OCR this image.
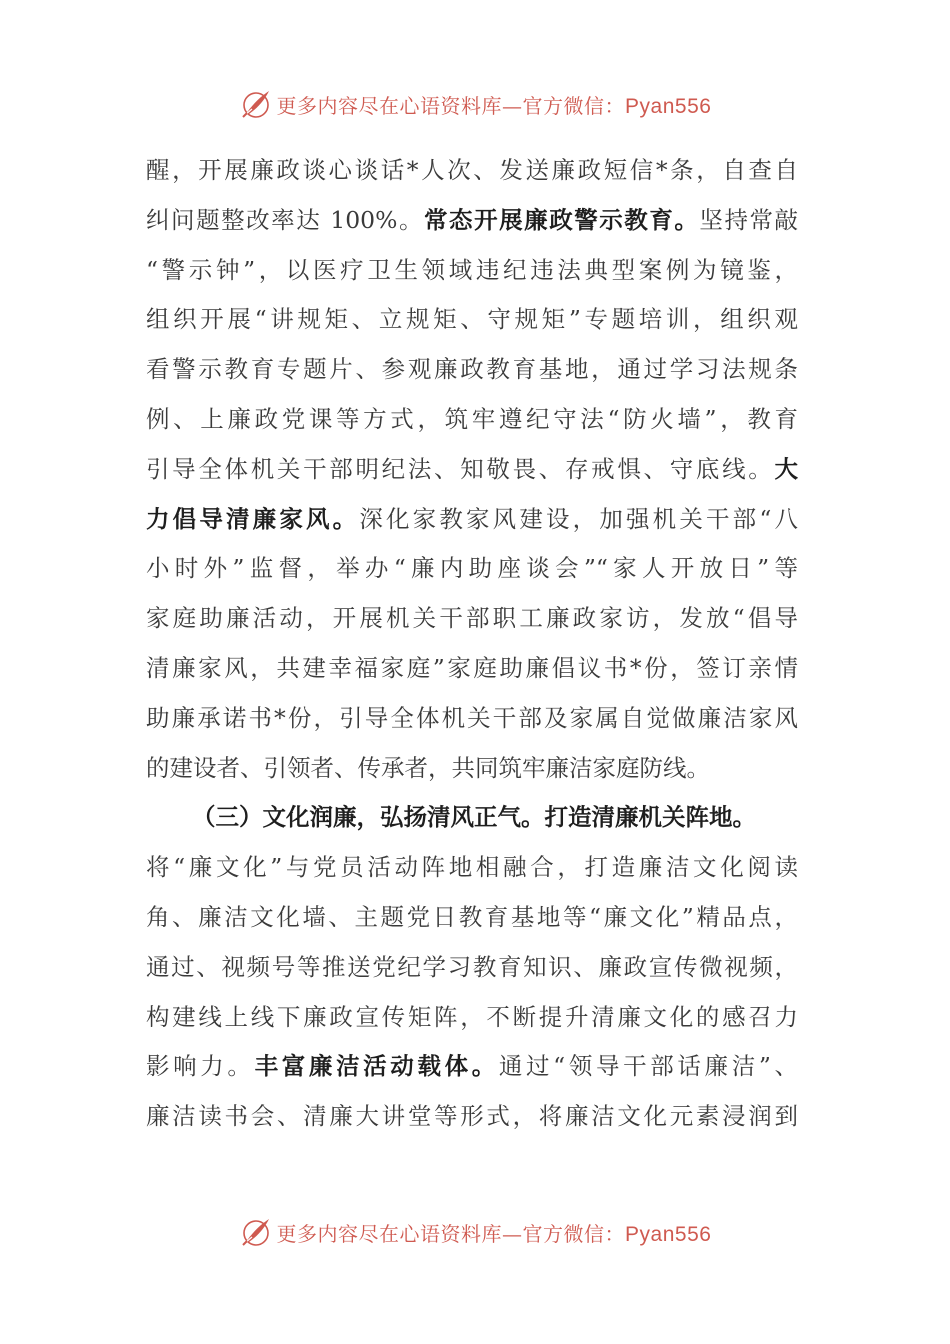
更多内容尽在心语资料库—官方微信：Pyan556
醒，开展廉政谈心谈话*人次、发送廉政短信*条，自查自
纠问题整改率达 100%。常态开展廉政警示教育。坚持常敲
“警示钟”，以医疗卫生领域违纪违法典型案例为镜鉴，
组织开展“讲规矩、立规矩、守规矩”专题培训，组织观
看警示教育专题片、参观廉政教育基地，通过学习法规条
例、上廉政党课等方式，筑牢遵纪守法“防火墙”，教育
引导全体机关干部明纪法、知敬畏、存戒惧、守底线。大
力倡导清廉家风。深化家教家风建设，加强机关干部“八
小时外”监督，举办“廉内助座谈会”“家人开放日”等
家庭助廉活动，开展机关干部职工廉政家访，发放“倡导
清廉家风，共建幸福家庭”家庭助廉倡议书*份，签订亲情
助廉承诺书*份，引导全体机关干部及家属自觉做廉洁家风
的建设者、引领者、传承者，共同筑牢廉洁家庭防线。
（三）文化润廉，弘扬清风正气。打造清廉机关阵地。
将“廉文化”与党员活动阵地相融合，打造廉洁文化阅读
角、廉洁文化墙、主题党日教育基地等“廉文化”精品点，
通过、视频号等推送党纪学习教育知识、廉政宣传微视频，
构建线上线下廉政宣传矩阵，不断提升清廉文化的感召力
影响力。丰富廉洁活动载体。通过“领导干部话廉洁”、
廉洁读书会、清廉大讲堂等形式，将廉洁文化元素浸润到
更多内容尽在心语资料库—官方微信：Pyan556
